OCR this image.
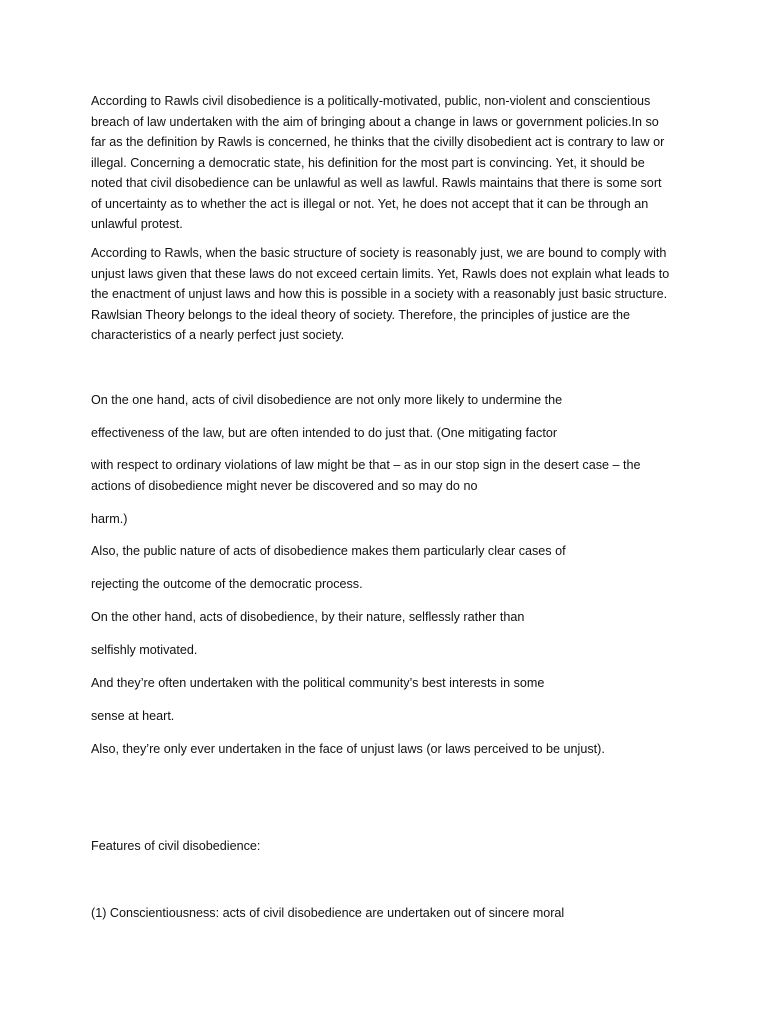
According to Rawls civil disobedience is a politically-motivated, public, non-violent and conscientious
breach of law undertaken with the aim of bringing about a change in laws or government policies.In so
far as the definition by Rawls is concerned, he thinks that the civilly disobedient act is contrary to law or
illegal. Concerning a democratic state, his definition for the most part is convincing. Yet, it should be
noted that civil disobedience can be unlawful as well as lawful. Rawls maintains that there is some sort
of uncertainty as to whether the act is illegal or not. Yet, he does not accept that it can be through an
unlawful protest.
According to Rawls, when the basic structure of society is reasonably just, we are bound to comply with
unjust laws given that these laws do not exceed certain limits. Yet, Rawls does not explain what leads to
the enactment of unjust laws and how this is possible in a society with a reasonably just basic structure.
Rawlsian Theory belongs to the ideal theory of society. Therefore, the principles of justice are the
characteristics of a nearly perfect just society.
On the one hand, acts of civil disobedience are not only more likely to undermine the
effectiveness of the law, but are often intended to do just that. (One mitigating factor
with respect to ordinary violations of law might be that – as in our stop sign in the desert case – the
actions of disobedience might never be discovered and so may do no
harm.)
Also, the public nature of acts of disobedience makes them particularly clear cases of
rejecting the outcome of the democratic process.
On the other hand, acts of disobedience, by their nature, selflessly rather than
selfishly motivated.
And they’re often undertaken with the political community’s best interests in some
sense at heart.
Also, they’re only ever undertaken in the face of unjust laws (or laws perceived to be unjust).
Features of civil disobedience:
(1) Conscientiousness: acts of civil disobedience are undertaken out of sincere moral
